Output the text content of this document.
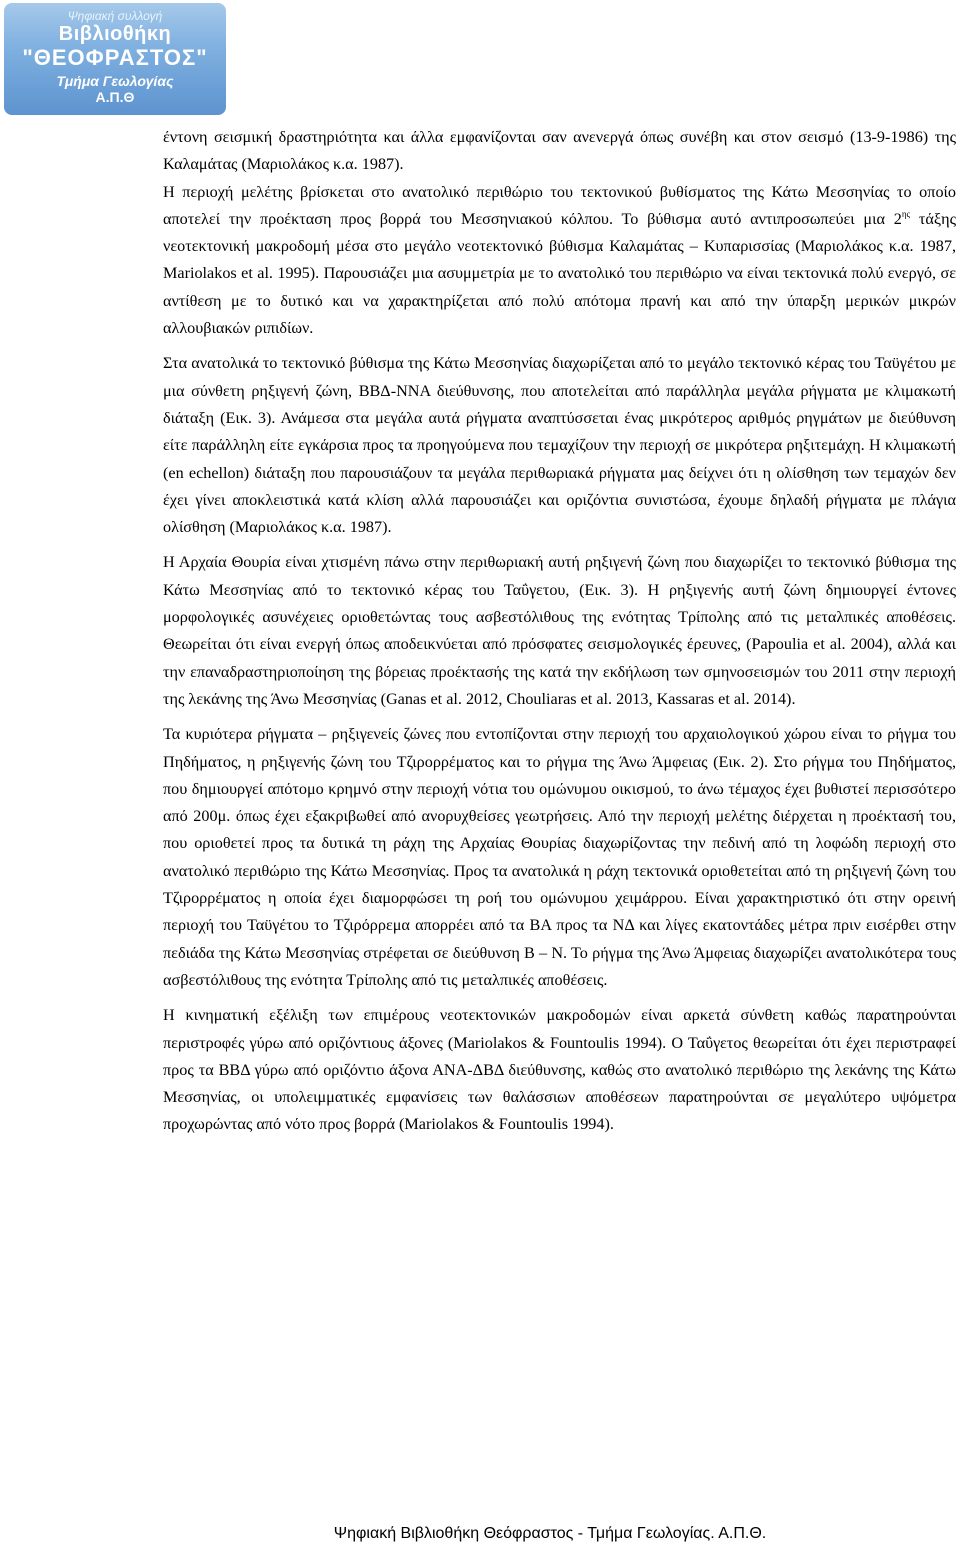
Ψηφιακή συλλογή
Βιβλιοθήκη
"ΘΕΟΦΡΑΣΤΟΣ"
Τμήμα Γεωλογίας
Α.Π.Θ

έντονη σεισμική δραστηριότητα και άλλα εμφανίζονται σαν ανενεργά όπως συνέβη και στον σεισμό (13-9-1986) της Καλαμάτας (Μαριολάκος κ.α. 1987).

Η περιοχή μελέτης βρίσκεται στο ανατολικό περιθώριο του τεκτονικού βυθίσματος της Κάτω Μεσσηνίας το οποίο αποτελεί την προέκταση προς βορρά του Μεσσηνιακού κόλπου. Το βύθισμα αυτό αντιπροσωπεύει μια $2^{\eta\varsigma}$ τάξης νεοτεκτονική μακροδομή μέσα στο μεγάλο νεοτεκτονικό βύθισμα Καλαμάτας – Κυπαρισσίας (Μαριολάκος κ.α. 1987, Mariolakos et al. 1995). Παρουσιάζει μια ασυμμετρία με το ανατολικό του περιθώριο να είναι τεκτονικά πολύ ενεργό, σε αντίθεση με το δυτικό και να χαρακτηρίζεται από πολύ απότομα πρανή και από την ύπαρξη μερικών μικρών αλλουβιακών ριπιδίων.

Στα ανατολικά το τεκτονικό βύθισμα της Κάτω Μεσσηνίας διαχωρίζεται από το μεγάλο τεκτονικό κέρας του Ταϋγέτου με μια σύνθετη ρηξιγενή ζώνη, ΒΒΔ-ΝΝΑ διεύθυνσης, που αποτελείται από παράλληλα μεγάλα ρήγματα με κλιμακωτή διάταξη (Εικ. 3). Ανάμεσα στα μεγάλα αυτά ρήγματα αναπτύσσεται ένας μικρότερος αριθμός ρηγμάτων με διεύθυνση είτε παράλληλη είτε εγκάρσια προς τα προηγούμενα που τεμαχίζουν την περιοχή σε μικρότερα ρηξιτεμάχη. Η κλιμακωτή (en echellon) διάταξη που παρουσιάζουν τα μεγάλα περιθωριακά ρήγματα μας δείχνει ότι η ολίσθηση των τεμαχών δεν έχει γίνει αποκλειστικά κατά κλίση αλλά παρουσιάζει και οριζόντια συνιστώσα, έχουμε δηλαδή ρήγματα με πλάγια ολίσθηση (Μαριολάκος κ.α. 1987).

Η Αρχαία Θουρία είναι χτισμένη πάνω στην περιθωριακή αυτή ρηξιγενή ζώνη που διαχωρίζει το τεκτονικό βύθισμα της Κάτω Μεσσηνίας από το τεκτονικό κέρας του Ταΰγετου, (Εικ. 3). Η ρηξιγενής αυτή ζώνη δημιουργεί έντονες μορφολογικές ασυνέχειες οριοθετώντας τους ασβεστόλιθους της ενότητας Τρίπολης από τις μεταλπικές αποθέσεις. Θεωρείται ότι είναι ενεργή όπως αποδεικνύεται από πρόσφατες σεισμολογικές έρευνες, (Papoulia et al. 2004), αλλά και την επαναδραστηριοποίηση της βόρειας προέκτασής της κατά την εκδήλωση των σμηνοσεισμών του 2011 στην περιοχή της λεκάνης της Άνω Μεσσηνίας (Ganas et al. 2012, Chouliaras et al. 2013, Kassaras et al. 2014).

Τα κυριότερα ρήγματα – ρηξιγενείς ζώνες που εντοπίζονται στην περιοχή του αρχαιολογικού χώρου είναι το ρήγμα του Πηδήματος, η ρηξιγενής ζώνη του Τζιρορρέματος και το ρήγμα της Άνω Άμφειας (Εικ. 2). Στο ρήγμα του Πηδήματος, που δημιουργεί απότομο κρημνό στην περιοχή νότια του ομώνυμου οικισμού, το άνω τέμαχος έχει βυθιστεί περισσότερο από 200μ. όπως έχει εξακριβωθεί από ανορυχθείσες γεωτρήσεις. Από την περιοχή μελέτης διέρχεται η προέκτασή του, που οριοθετεί προς τα δυτικά τη ράχη της Αρχαίας Θουρίας διαχωρίζοντας την πεδινή από τη λοφώδη περιοχή στο ανατολικό περιθώριο της Κάτω Μεσσηνίας. Προς τα ανατολικά η ράχη τεκτονικά οριοθετείται από τη ρηξιγενή ζώνη του Τζιρορρέματος η οποία έχει διαμορφώσει τη ροή του ομώνυμου χειμάρρου. Είναι χαρακτηριστικό ότι στην ορεινή περιοχή του Ταϋγέτου το Τζιρόρρεμα απορρέει από τα ΒΑ προς τα ΝΔ και λίγες εκατοντάδες μέτρα πριν εισέρθει στην πεδιάδα της Κάτω Μεσσηνίας στρέφεται σε διεύθυνση Β – Ν. Το ρήγμα της Άνω Άμφειας διαχωρίζει ανατολικότερα τους ασβεστόλιθους της ενότητα Τρίπολης από τις μεταλπικές αποθέσεις.

Η κινηματική εξέλιξη των επιμέρους νεοτεκτονικών μακροδομών είναι αρκετά σύνθετη καθώς παρατηρούνται περιστροφές γύρω από οριζόντιους άξονες (Mariolakos & Fountoulis 1994). Ο Ταΰγετος θεωρείται ότι έχει περιστραφεί προς τα ΒΒΔ γύρω από οριζόντιο άξονα ΑΝΑ-ΔΒΔ διεύθυνσης, καθώς στο ανατολικό περιθώριο της λεκάνης της Κάτω Μεσσηνίας, οι υπολειμματικές εμφανίσεις των θαλάσσιων αποθέσεων παρατηρούνται σε μεγαλύτερο υψόμετρα προχωρώντας από νότο προς βορρά (Mariolakos & Fountoulis 1994).

Ψηφιακή Βιβλιοθήκη Θεόφραστος - Τμήμα Γεωλογίας. Α.Π.Θ.
